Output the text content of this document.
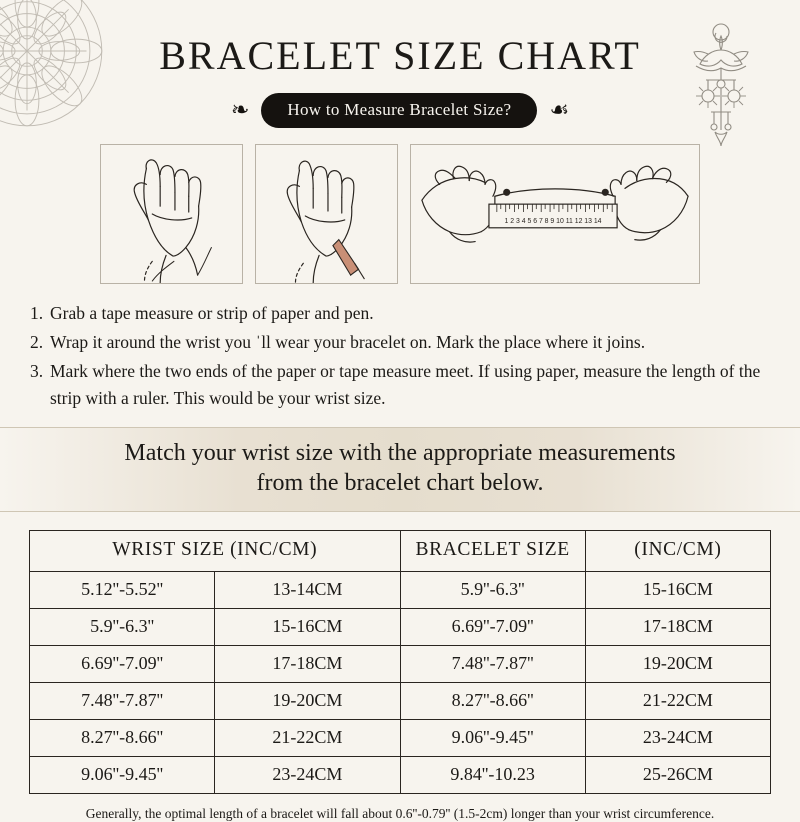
BRACELET SIZE CHART
❧	How to Measure Bracelet Size?	☙
1 2 3 4 5 6 7 8 9 10 11 12 13 14
1. Grab a tape measure or strip of paper and pen.
2. Wrap it around the wrist you ˈll wear your bracelet on. Mark the place where it joins.
3. Mark where the two ends of the paper or tape measure meet. If using paper, measure the length of the strip with a ruler. This would be your wrist size.
Match your wrist size with the appropriate measurements
from the bracelet chart below.
WRIST SIZE (INC/CM)		BRACELET SIZE	(INC/CM)
5.12''-5.52''	13-14CM	5.9''-6.3''	15-16CM
5.9''-6.3''	15-16CM	6.69''-7.09''	17-18CM
6.69''-7.09''	17-18CM	7.48''-7.87''	19-20CM
7.48''-7.87''	19-20CM	8.27''-8.66''	21-22CM
8.27''-8.66''	21-22CM	9.06''-9.45''	23-24CM
9.06''-9.45''	23-24CM	9.84''-10.23	25-26CM
Generally, the optimal length of a bracelet will fall about 0.6''-0.79'' (1.5-2cm) longer than your wrist circumference.
